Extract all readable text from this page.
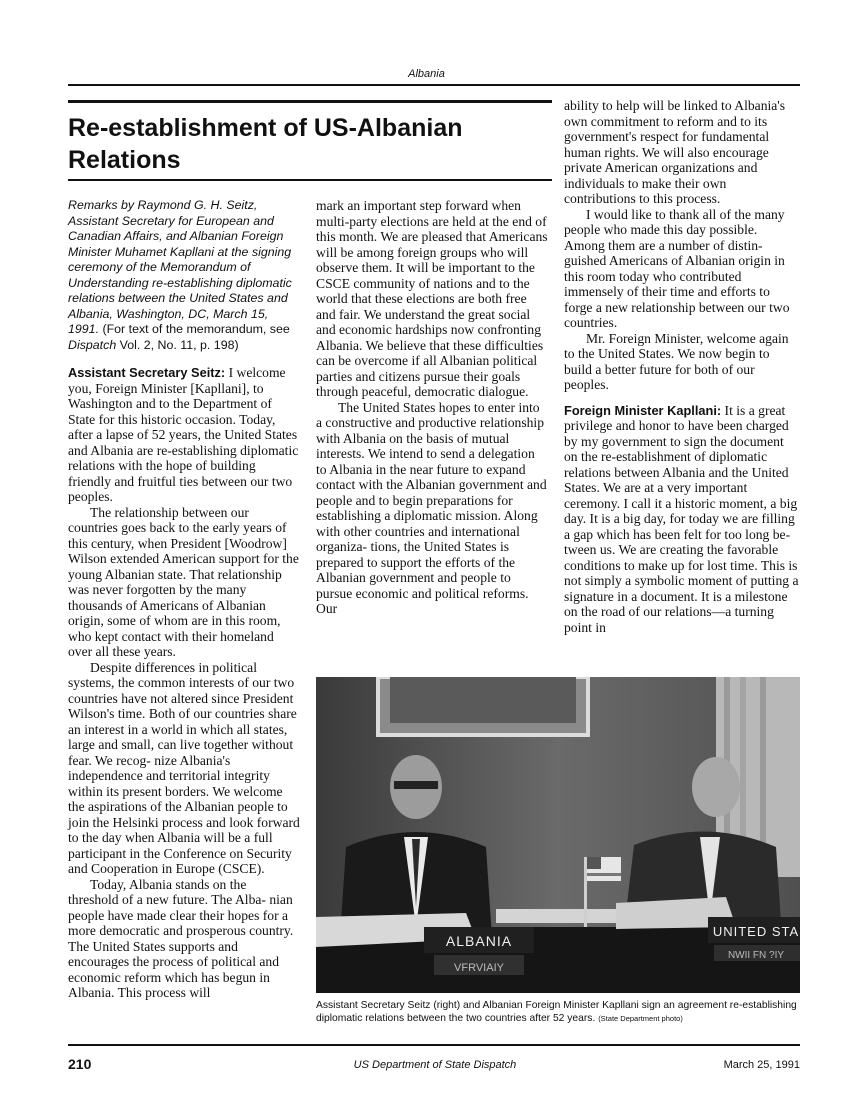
Albania
Re-establishment of US-Albanian Relations

Remarks by Raymond G. H. Seitz, Assistant Secretary for European and Canadian Affairs, and Albanian Foreign Minister Muhamet Kapllani at the signing ceremony of the Memorandum of Understanding re-establishing diplomatic relations between the United States and Albania, Washington, DC, March 15, 1991. (For text of the memorandum, see Dispatch Vol. 2, No. 11, p. 198)

Assistant Secretary Seitz: I welcome you, Foreign Minister [Kapllani], to Washington and to the Department of State for this historic occasion. Today, after a lapse of 52 years, the United States and Albania are re-establishing diplomatic relations with the hope of building friendly and fruitful ties between our two peoples.

The relationship between our countries goes back to the early years of this century, when President [Woodrow] Wilson extended American support for the young Albanian state. That relationship was never forgotten by the many thousands of Americans of Albanian origin, some of whom are in this room, who kept contact with their homeland over all these years.

Despite differences in political systems, the common interests of our two countries have not altered since President Wilson's time. Both of our countries share an interest in a world in which all states, large and small, can live together without fear. We recog- nize Albania's independence and territorial integrity within its present borders. We welcome the aspirations of the Albanian people to join the Helsinki process and look forward to the day when Albania will be a full participant in the Conference on Security and Cooperation in Europe (CSCE).

Today, Albania stands on the threshold of a new future. The Alba- nian people have made clear their hopes for a more democratic and prosperous country. The United States supports and encourages the process of political and economic reform which has begun in Albania. This process will

mark an important step forward when multi-party elections are held at the end of this month. We are pleased that Americans will be among foreign groups who will observe them. It will be important to the CSCE community of nations and to the world that these elections are both free and fair. We understand the great social and economic hardships now confronting Albania. We believe that these difficulties can be overcome if all Albanian political parties and citizens pursue their goals through peaceful, democratic dialogue.

The United States hopes to enter into a constructive and productive relationship with Albania on the basis of mutual interests. We intend to send a delegation to Albania in the near future to expand contact with the Albanian government and people and to begin preparations for establishing a diplomatic mission. Along with other countries and international organiza- tions, the United States is prepared to support the efforts of the Albanian government and people to pursue economic and political reforms. Our

ability to help will be linked to Albania's own commitment to reform and to its government's respect for fundamental human rights. We will also encourage private American organizations and individuals to make their own contributions to this process.

I would like to thank all of the many people who made this day possible. Among them are a number of distin- guished Americans of Albanian origin in this room today who contributed immensely of their time and efforts to forge a new relationship between our two countries.

Mr. Foreign Minister, welcome again to the United States. We now begin to build a better future for both of our peoples.

Foreign Minister Kapllani: It is a great privilege and honor to have been charged by my government to sign the document on the re-establishment of diplomatic relations between Albania and the United States. We are at a very important ceremony. I call it a historic moment, a big day. It is a big day, for today we are filling a gap which has been felt for too long be- tween us. We are creating the favorable conditions to make up for lost time. This is not simply a symbolic moment of putting a signature in a document. It is a milestone on the road of our relations—a turning point in

ALBANIA
VFRVIAIY
UNITED STA
NWII FN ?IY
Assistant Secretary Seitz (right) and Albanian Foreign Minister Kapllani sign an agreement re-establishing diplomatic relations between the two countries after 52 years. (State Department photo)
210	US Department of State Dispatch	March 25, 1991
